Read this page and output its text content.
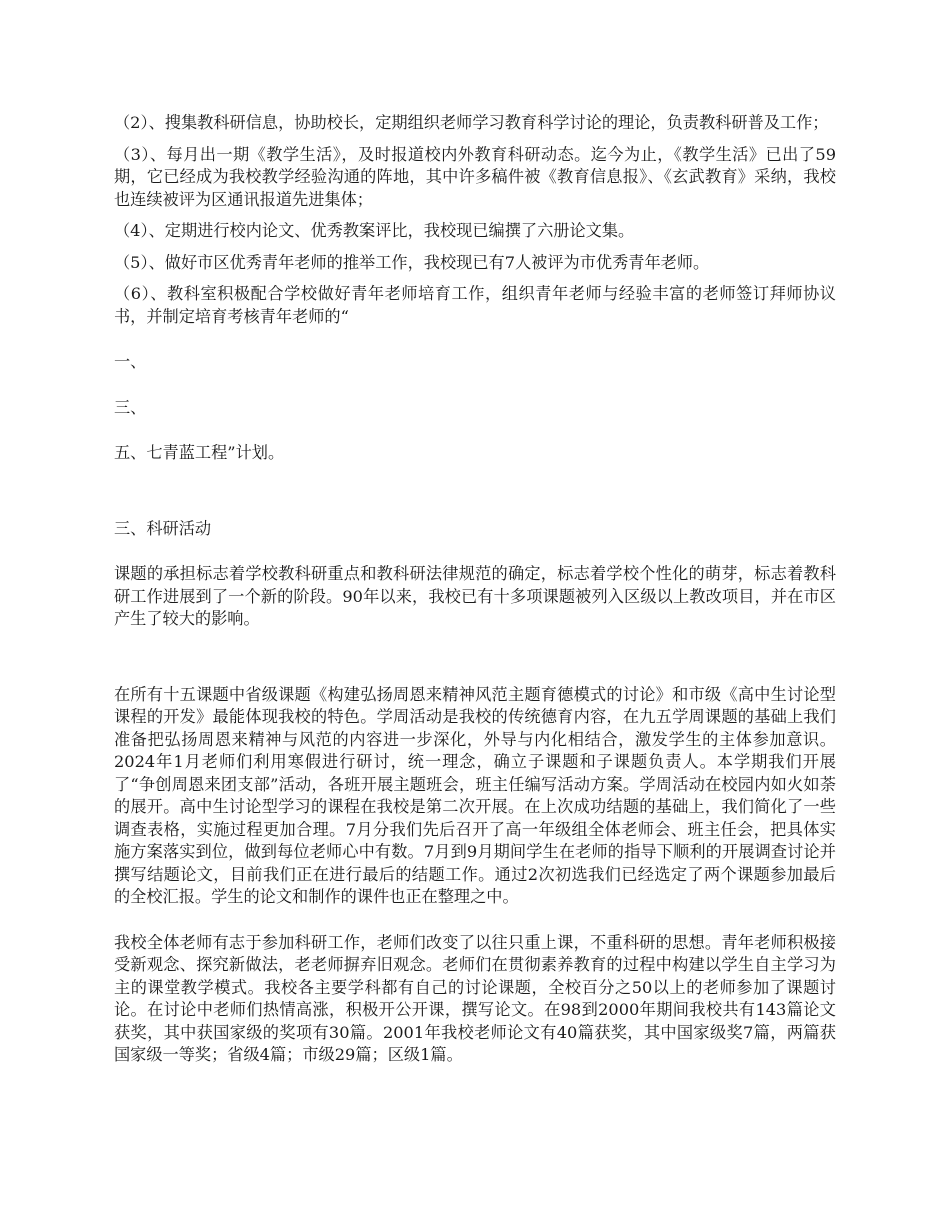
（2）、搜集教科研信息，协助校长，定期组织老师学习教育科学讨论的理论，负责教科研普及工作；

（3）、每月出一期《教学生活》，及时报道校内外教育科研动态。迄今为止，《教学生活》已出了59期，它已经成为我校教学经验沟通的阵地，其中许多稿件被《教育信息报》、《玄武教育》采纳，我校也连续被评为区通讯报道先进集体；

（4）、定期进行校内论文、优秀教案评比，我校现已编撰了六册论文集。

（5）、做好市区优秀青年老师的推举工作，我校现已有7人被评为市优秀青年老师。

（6）、教科室积极配合学校做好青年老师培育工作，组织青年老师与经验丰富的老师签订拜师协议书，并制定培育考核青年老师的“

一、

三、

五、七青蓝工程”计划。

三、科研活动

课题的承担标志着学校教科研重点和教科研法律规范的确定，标志着学校个性化的萌芽，标志着教科研工作进展到了一个新的阶段。90年以来，我校已有十多项课题被列入区级以上教改项目，并在市区产生了较大的影响。

在所有十五课题中省级课题《构建弘扬周恩来精神风范主题育德模式的讨论》和市级《高中生讨论型课程的开发》最能体现我校的特色。学周活动是我校的传统德育内容，在九五学周课题的基础上我们准备把弘扬周恩来精神与风范的内容进一步深化，外导与内化相结合，激发学生的主体参加意识。2024年1月老师们利用寒假进行研讨，统一理念，确立子课题和子课题负责人。本学期我们开展了“争创周恩来团支部”活动，各班开展主题班会，班主任编写活动方案。学周活动在校园内如火如荼的展开。高中生讨论型学习的课程在我校是第二次开展。在上次成功结题的基础上，我们简化了一些调查表格，实施过程更加合理。7月分我们先后召开了高一年级组全体老师会、班主任会，把具体实施方案落实到位，做到每位老师心中有数。7月到9月期间学生在老师的指导下顺利的开展调查讨论并撰写结题论文，目前我们正在进行最后的结题工作。通过2次初选我们已经选定了两个课题参加最后的全校汇报。学生的论文和制作的课件也正在整理之中。

我校全体老师有志于参加科研工作，老师们改变了以往只重上课，不重科研的思想。青年老师积极接受新观念、探究新做法，老老师摒弃旧观念。老师们在贯彻素养教育的过程中构建以学生自主学习为主的课堂教学模式。我校各主要学科都有自己的讨论课题，全校百分之50以上的老师参加了课题讨论。在讨论中老师们热情高涨，积极开公开课，撰写论文。在98到2000年期间我校共有143篇论文获奖，其中获国家级的奖项有30篇。2001年我校老师论文有40篇获奖，其中国家级奖7篇，两篇获国家级一等奖；省级4篇；市级29篇；区级1篇。
